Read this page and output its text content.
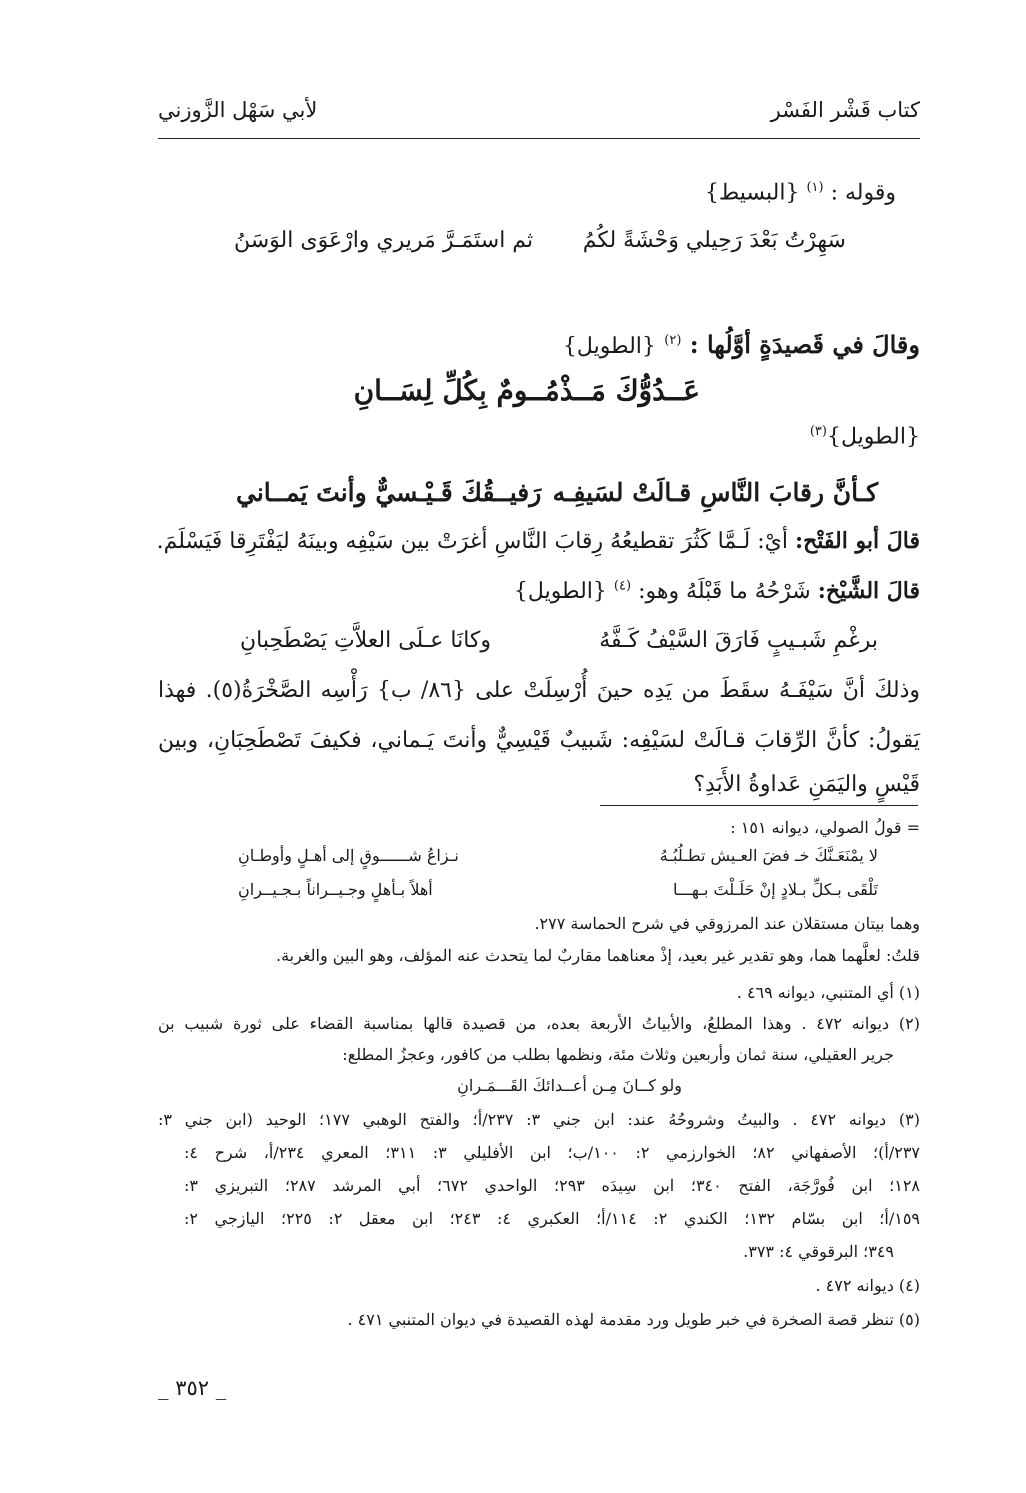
كتاب قَشْر الفَسْر
لأبي سَهْل الزَّوزني
وقوله : $^{(١)}$ {البسيط}
سَهِرْتُ بَعْدَ رَحِيلي وَحْشَةً لكُمُ
ثم استَمَـرَّ مَريري وارْعَوَى الوَسَنُ
وقالَ في قَصيدَةٍ أوَّلُها : $^{(٢)}$ {الطويل}
عَــدُوُّكَ مَــذْمُــومٌ بِكُلِّ لِسَــانِ
{الطويل}$^{(٣)}$
كـأنَّ رقابَ النَّاسِ قـالَتْ لسَيفِـه
رَفيــقُكَ قَـيْـسيٌّ وأنتَ يَمــاني
قالَ أبو الفَتْح: أيْ: لَـمَّا كَثُرَ تقطيعُهُ رِقابَ النَّاسِ أغرَتْ بين سَيْفِه وبينَهُ ليَفْتَرِقا فَيَسْلَمَ.
قالَ الشَّيْخ: شَرْحُهُ ما قَبْلَهُ وهو: $^{(٤)}$ {الطويل}
برغْمِ شَبـيبٍ فَارَقَ السَّيْفُ كَـفَّهُ
وكانَا عـلَى العلاَّتِ يَصْطَحِبانِ
وذلكَ أنَّ سَيْفَـهُ سقَطَ من يَدِه حينَ أُرْسِلَتْ على {٨٦/ ب} رَأْسِه الصَّخْرَةُ(٥). فهذا
يَقولُ: كأنَّ الرِّقابَ قـالَتْ لسَيْفِه: شَبيبٌ قَيْسِيٌّ وأنتَ يَـماني، فكيفَ تَصْطَحِبَانِ، وبين
قَيْسٍ واليَمَنِ عَداوةُ الأَبَدِ؟
= قولُ الصولي، ديوانه ١٥١ :
لا يمْنَعَـنَّكَ خـ فضَ العـيش تطـلُبُـهُ
نـزاعُ شــــــوقٍ إلى أهـلٍ وأوطـانِ
تَلْقَى بـكلِّ بـلادٍ إنْ حَلَـلْتَ بـهـــا
أهلاً بـأهلٍ وجـيــراناً بـجـيــرانِ
وهما بيتان مستقلان عند المرزوقي في شرح الحماسة ٢٧٧.
قلتُ: لعلَّهما هما، وهو تقدير غير بعيد، إذْ معناهما مقاربٌ لما يتحدث عنه المؤلف، وهو البين والغربة.
(١) أي المتنبي، ديوانه ٤٦٩ .
(٢) ديوانه ٤٧٢ . وهذا المطلعُ، والأبياتُ الأربعة بعده، من قصيدة قالها بمناسبة القضاء على ثورة شبيب بن
جرير العقيلي، سنة ثمان وأربعين وثلاث مئة، ونظمها بطلب من كافور، وعجزُ المطلع:
ولو كــانَ مِـن أعــدائكَ القَـــمَـرانِ
(٣) ديوانه ٤٧٢ . والبيتُ وشروحُهُ عند: ابن جني ٣: ٢٣٧/أ؛ والفتح الوهبي ١٧٧؛ الوحيد (ابن جني ٣:
٢٣٧/أ)؛ الأصفهاني ٨٢؛ الخوارزمي ٢: ١٠٠/ب؛ ابن الأفليلي ٣: ٣١١؛ المعري ٢٣٤/أ، شرح ٤:
١٢٨؛ ابن فُورَّجَة، الفتح ٣٤٠؛ ابن سِيدَه ٢٩٣؛ الواحدي ٦٧٢؛ أبي المرشد ٢٨٧؛ التبريزي ٣:
١٥٩/أ؛ ابن بسّام ١٣٢؛ الكندي ٢: ١١٤/أ؛ العكبري ٤: ٢٤٣؛ ابن معقل ٢: ٢٢٥؛ اليازجي ٢:
٣٤٩؛ البرقوقي ٤: ٣٧٣.
(٤) ديوانه ٤٧٢ .
(٥) تنظر قصة الصخرة في خبر طويل ورد مقدمة لهذه القصيدة في ديوان المتنبي ٤٧١ .
_ ٣٥٢ _
